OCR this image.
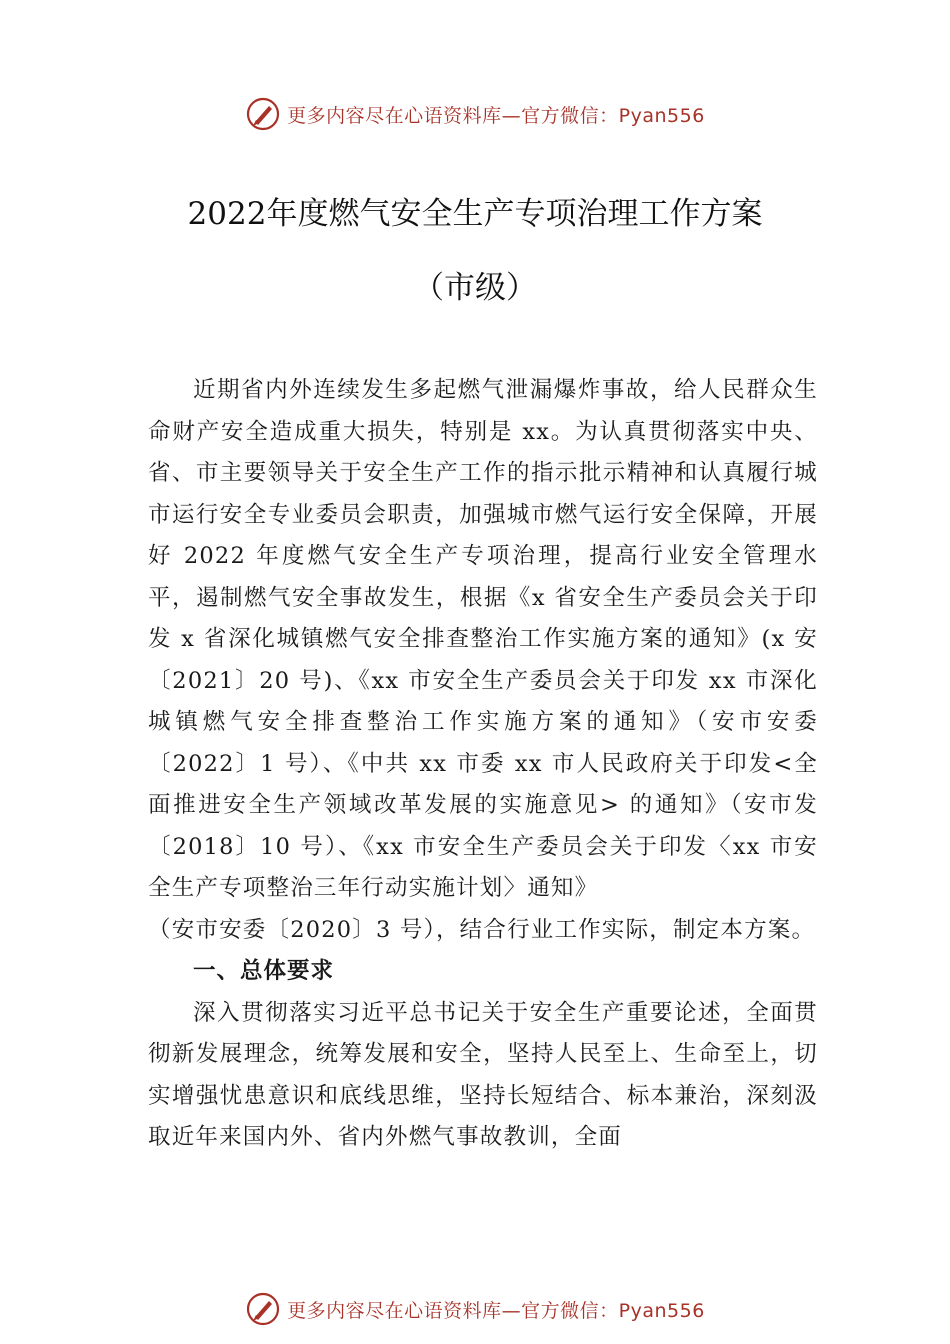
更多内容尽在心语资料库—官方微信：Pyan556
2022年度燃气安全生产专项治理工作方案
（市级）

近期省内外连续发生多起燃气泄漏爆炸事故，给人民群众生命财产安全造成重大损失，特别是 xx。为认真贯彻落实中央、省、市主要领导关于安全生产工作的指示批示精神和认真履行城市运行安全专业委员会职责，加强城市燃气运行安全保障，开展好 2022 年度燃气安全生产专项治理，提高行业安全管理水平，遏制燃气安全事故发生，根据《x 省安全生产委员会关于印发 x 省深化城镇燃气安全排查整治工作实施方案的通知》(x 安〔2021〕20 号)、《xx 市安全生产委员会关于印发 xx 市深化城镇燃气安全排查整治工作实施方案的通知》（安市安委〔2022〕1 号）、《中共 xx 市委 xx 市人民政府关于印发<全面推进安全生产领域改革发展的实施意见> 的通知》（安市发〔2018〕10 号）、《xx 市安全生产委员会关于印发〈xx 市安全生产专项整治三年行动实施计划〉通知》

（安市安委〔2020〕3 号），结合行业工作实际，制定本方案。

一、总体要求

深入贯彻落实习近平总书记关于安全生产重要论述，全面贯彻新发展理念，统筹发展和安全，坚持人民至上、生命至上，切实增强忧患意识和底线思维，坚持长短结合、标本兼治，深刻汲取近年来国内外、省内外燃气事故教训，全面

更多内容尽在心语资料库—官方微信：Pyan556
